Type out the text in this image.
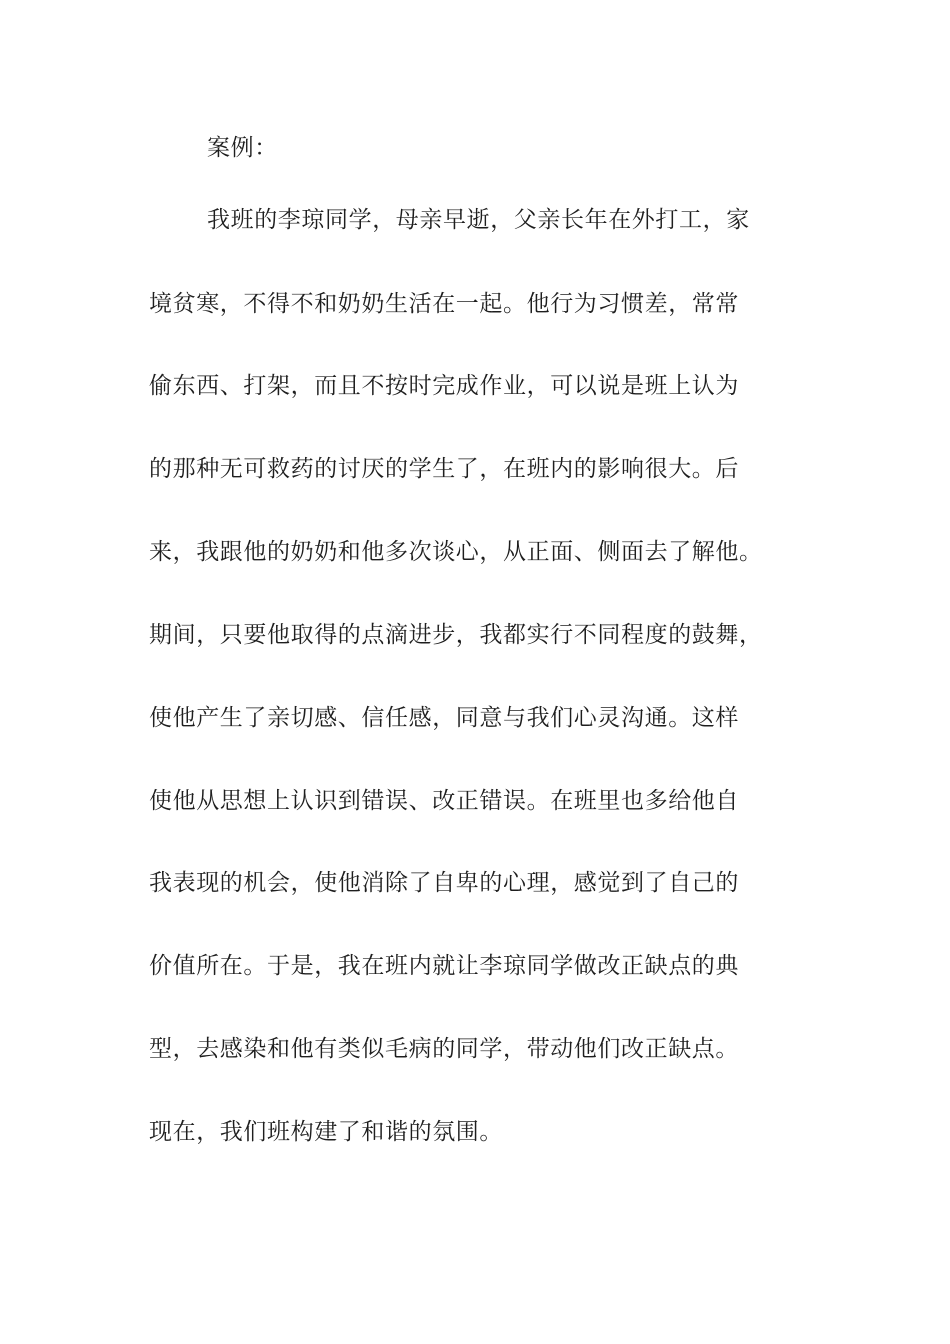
案例：
我班的李琼同学，母亲早逝，父亲长年在外打工，家
境贫寒，不得不和奶奶生活在一起。他行为习惯差，常常
偷东西、打架，而且不按时完成作业，可以说是班上认为
的那种无可救药的讨厌的学生了，在班内的影响很大。后
来，我跟他的奶奶和他多次谈心，从正面、侧面去了解他。
期间，只要他取得的点滴进步，我都实行不同程度的鼓舞，
使他产生了亲切感、信任感，同意与我们心灵沟通。这样
使他从思想上认识到错误、改正错误。在班里也多给他自
我表现的机会，使他消除了自卑的心理，感觉到了自己的
价值所在。于是，我在班内就让李琼同学做改正缺点的典
型，去感染和他有类似毛病的同学，带动他们改正缺点。
现在，我们班构建了和谐的氛围。
